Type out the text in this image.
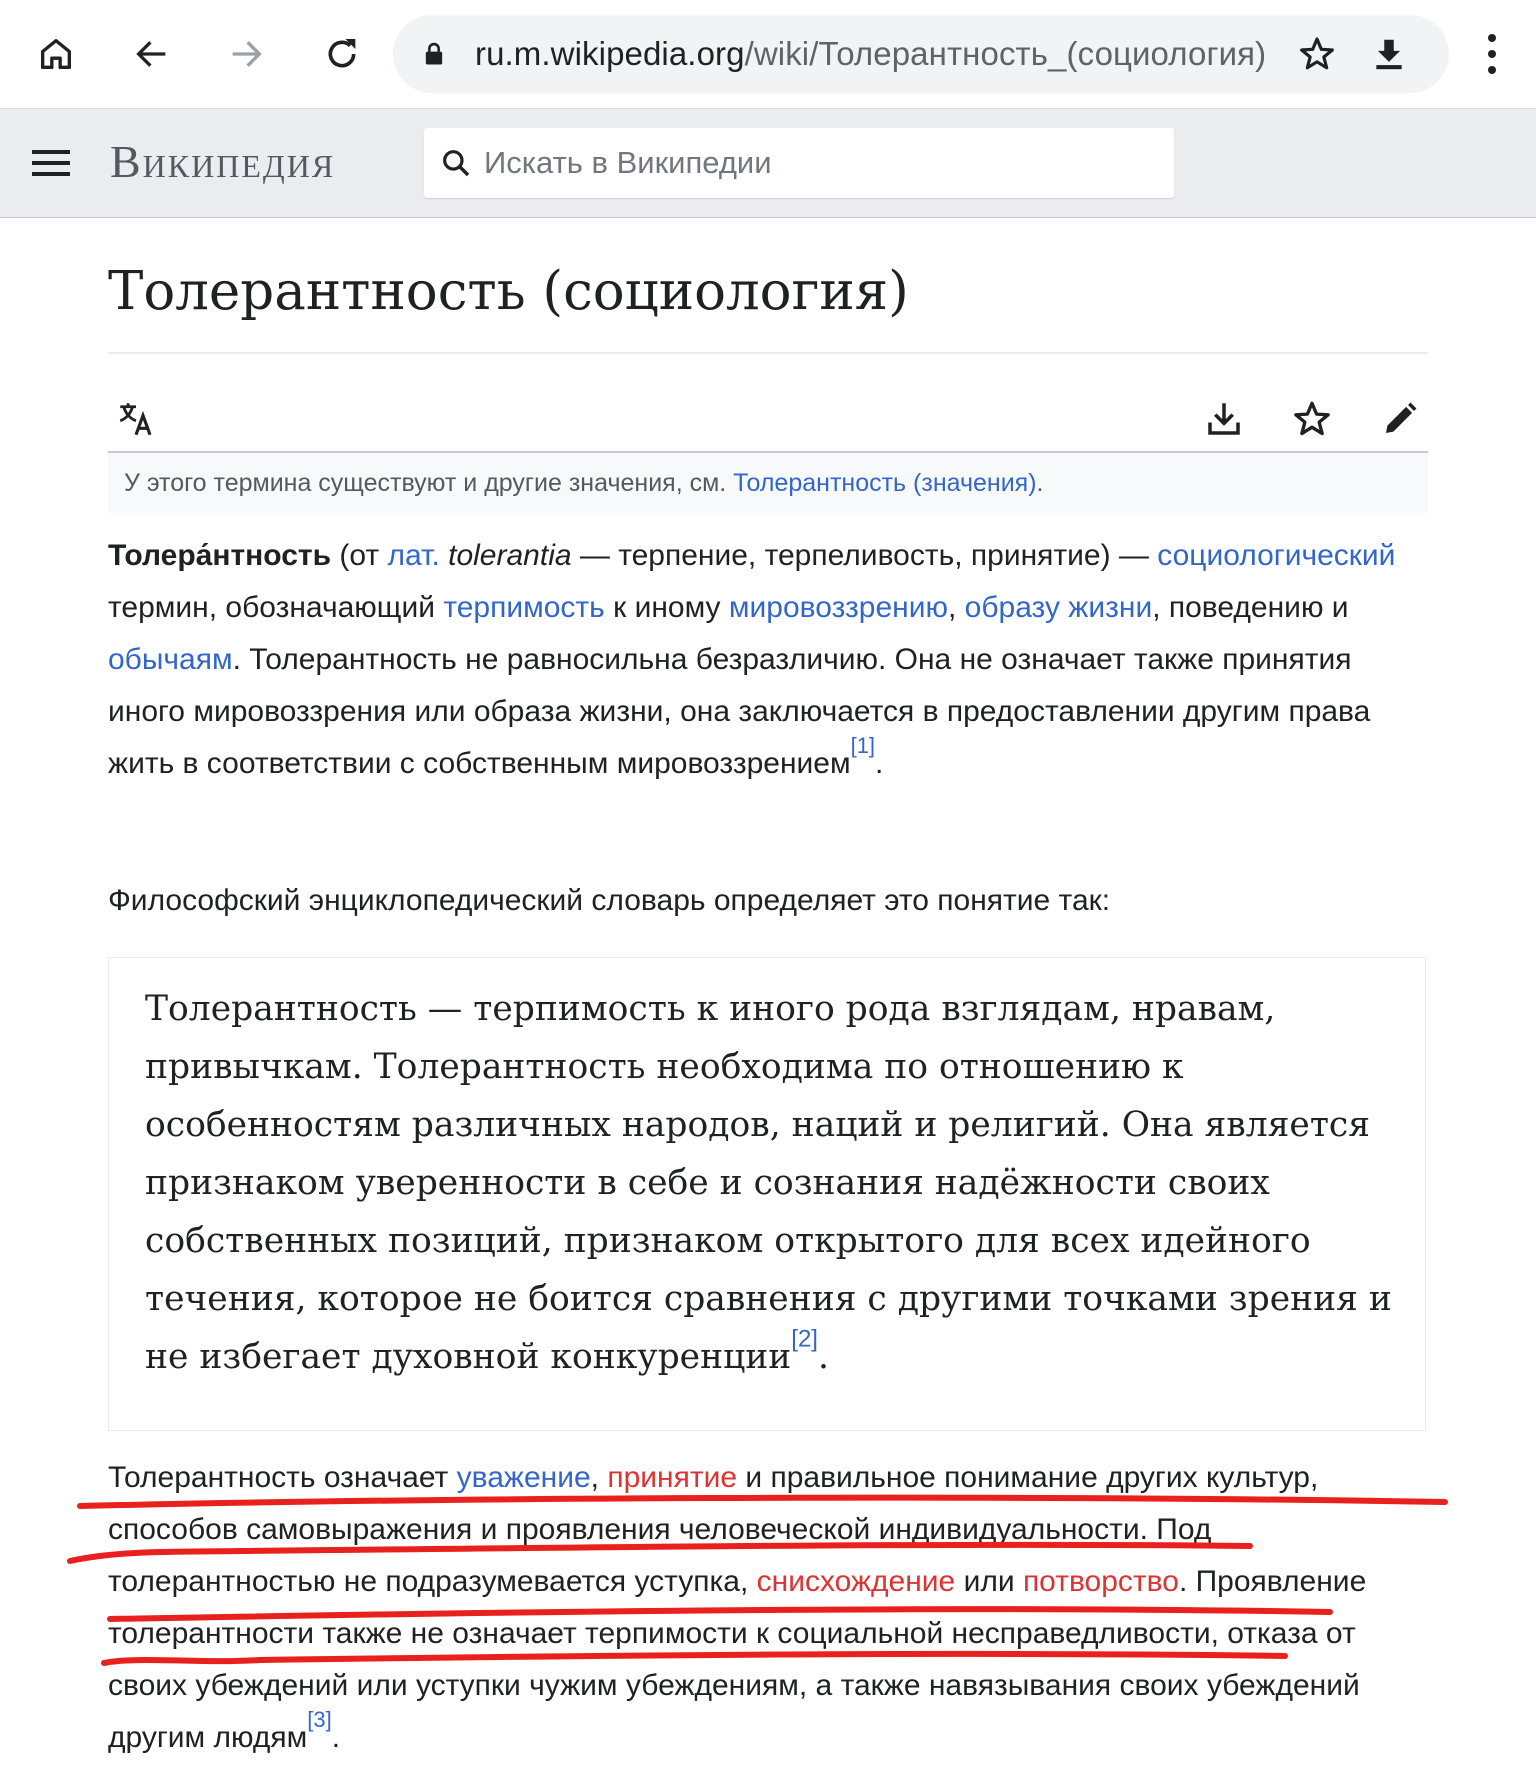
ru.m.wikipedia.org/wiki/Толерантность_(социология)
Википедия
Искать в Википедии
Толерантность (социология)
У этого термина существуют и другие значения, см. Толерантность (значения).

Толера́нтность (от лат. tolerantia — терпение, терпеливость, принятие) — социологический термин, обозначающий терпимость к иному мировоззрению, образу жизни, поведению и обычаям. Толерантность не равносильна безразличию. Она не означает также принятия иного мировоззрения или образа жизни, она заключается в предоставлении другим права жить в соответствии с собственным мировоззрением[1].

Философский энциклопедический словарь определяет это понятие так:

Толерантность — терпимость к иного рода взглядам, нравам, привычкам. Толерантность необходима по отношению к особенностям различных народов, наций и религий. Она является признаком уверенности в себе и сознания надёжности своих собственных позиций, признаком открытого для всех идейного течения, которое не боится сравнения с другими точками зрения и не избегает духовной конкуренции[2].

Толерантность означает уважение, принятие и правильное понимание других культур, способов самовыражения и проявления человеческой индивидуальности. Под толерантностью не подразумевается уступка, снисхождение или потворство. Проявление толерантности также не означает терпимости к социальной несправедливости, отказа от своих убеждений или уступки чужим убеждениям, а также навязывания своих убеждений другим людям[3].
